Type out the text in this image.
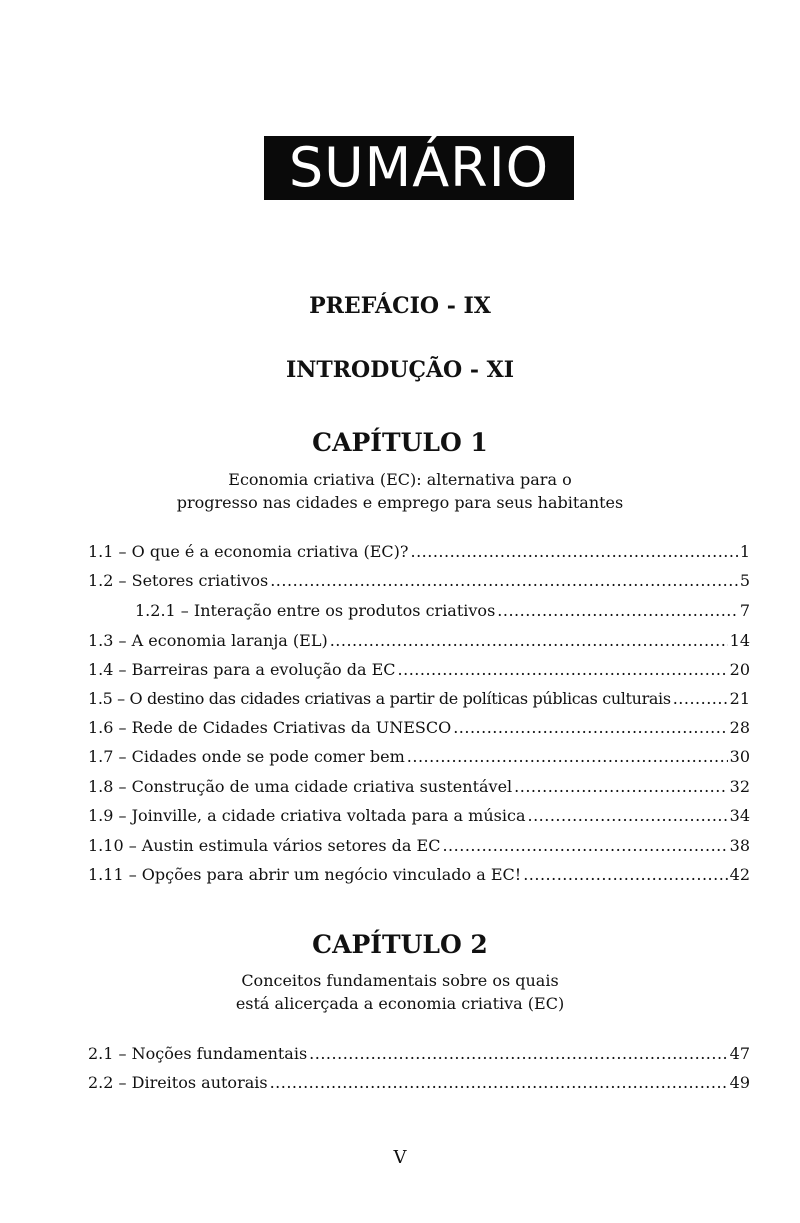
SUMÁRIO
PREFÁCIO - IX
INTRODUÇÃO - XI
CAPÍTULO 1
Economia criativa (EC): alternativa para o
progresso nas cidades e emprego para seus habitantes
1.1 – O que é a economia criativa (EC)? .....	1
1.2 – Setores criativos .....	5
1.2.1 – Interação entre os produtos criativos .....	7
1.3 – A economia laranja (EL) .....	14
1.4 – Barreiras para a evolução da EC .....	20
1.5 – O destino das cidades criativas a partir de políticas públicas culturais .....	21
1.6 – Rede de Cidades Criativas da UNESCO .....	28
1.7 – Cidades onde se pode comer bem .....	30
1.8 – Construção de uma cidade criativa sustentável .....	32
1.9 – Joinville, a cidade criativa voltada para a música .....	34
1.10 – Austin estimula vários setores da EC .....	38
1.11 – Opções para abrir um negócio vinculado a EC! .....	42
CAPÍTULO 2
Conceitos fundamentais sobre os quais
está alicerçada a economia criativa (EC)
2.1 – Noções fundamentais .....	47
2.2 – Direitos autorais .....	49
V
